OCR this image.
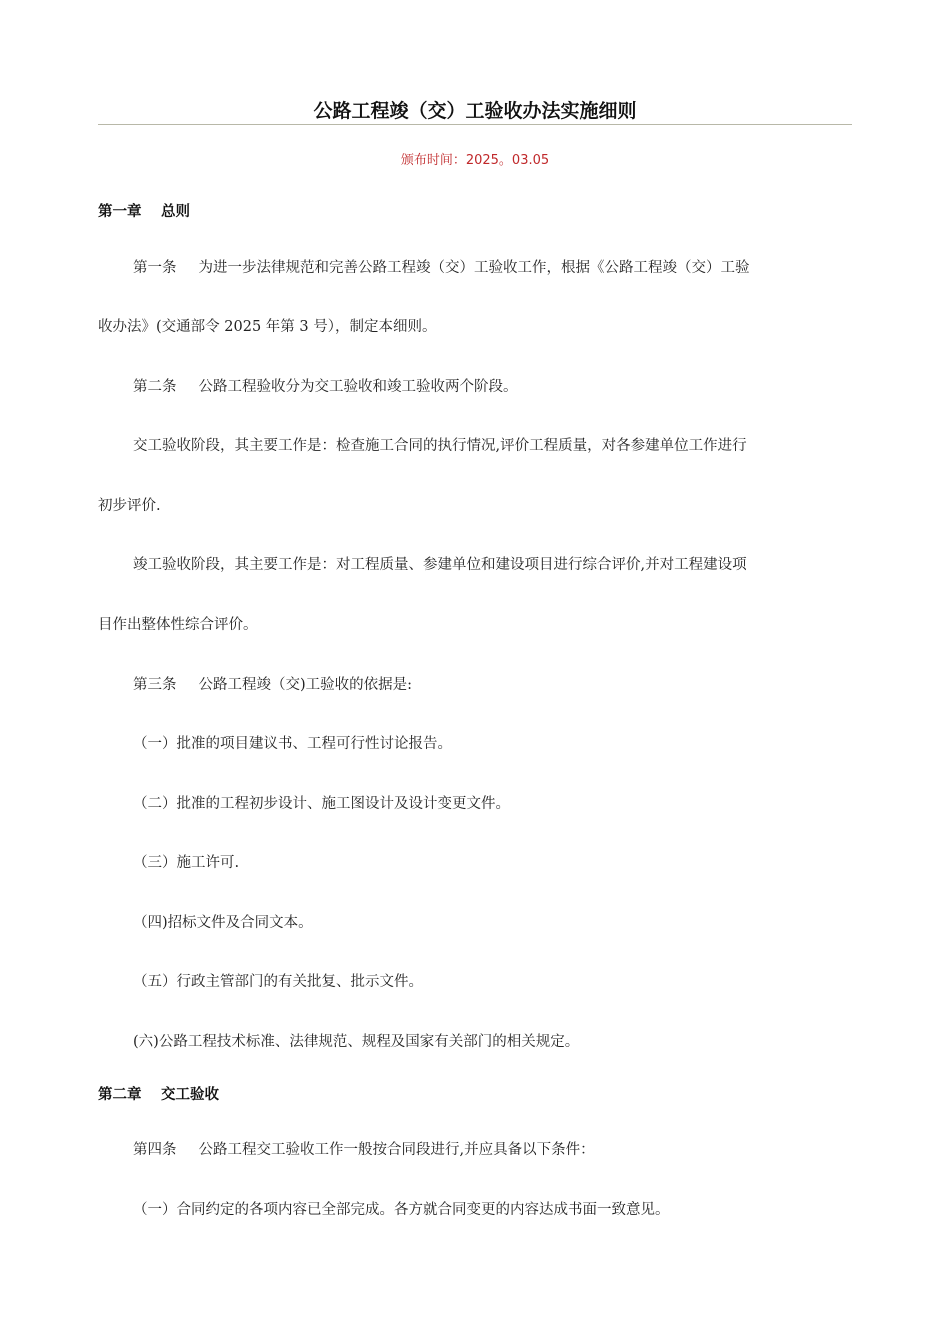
公路工程竣（交）工验收办法实施细则
颁布时间：2025。03.05
第一章　 总则
第一条 为进一步法律规范和完善公路工程竣（交）工验收工作，根据《公路工程竣（交）工验
收办法》(交通部令 2025 年第 3 号），制定本细则。
第二条 公路工程验收分为交工验收和竣工验收两个阶段。
交工验收阶段，其主要工作是：检查施工合同的执行情况,评价工程质量，对各参建单位工作进行
初步评价.
竣工验收阶段，其主要工作是：对工程质量、参建单位和建设项目进行综合评价,并对工程建设项
目作出整体性综合评价。
第三条 公路工程竣（交)工验收的依据是:
（一）批准的项目建议书、工程可行性讨论报告。
（二）批准的工程初步设计、施工图设计及设计变更文件。
（三）施工许可.
（四)招标文件及合同文本。
（五）行政主管部门的有关批复、批示文件。
(六)公路工程技术标准、法律规范、规程及国家有关部门的相关规定。
第二章　 交工验收
第四条 公路工程交工验收工作一般按合同段进行,并应具备以下条件：
（一）合同约定的各项内容已全部完成。各方就合同变更的内容达成书面一致意见。
